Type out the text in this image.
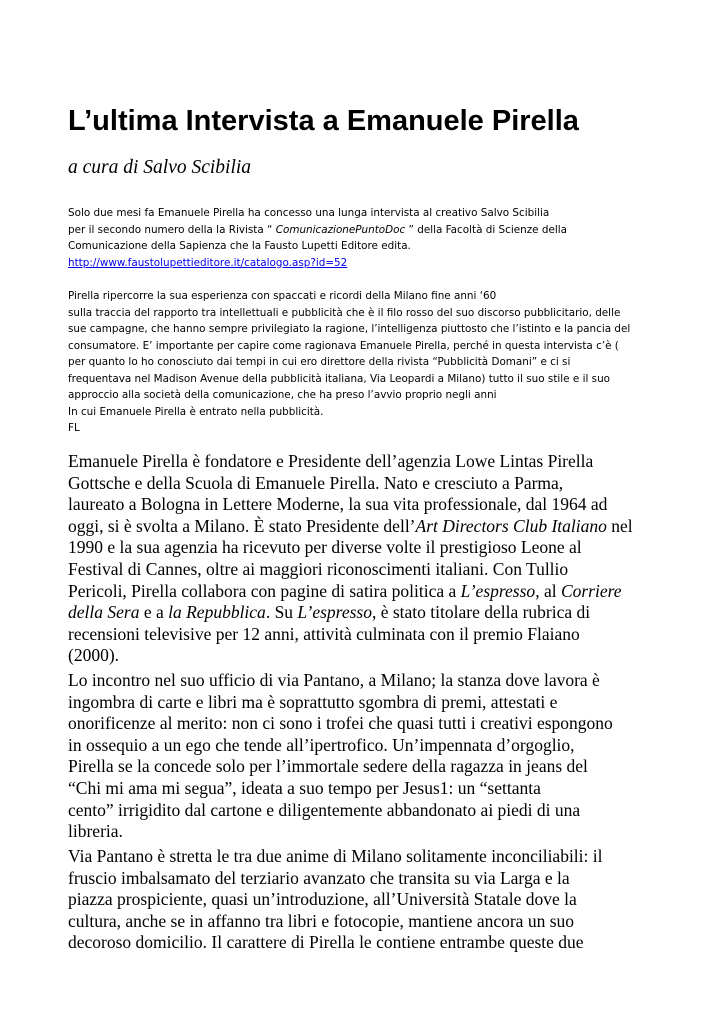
L’ultima Intervista a Emanuele Pirella
a cura di Salvo Scibilia
Solo due mesi fa Emanuele Pirella ha concesso una lunga intervista al creativo Salvo Scibilia
per il secondo numero della la Rivista “ ComunicazionePuntoDoc ” della Facoltà di Scienze della
Comunicazione della Sapienza che la Fausto Lupetti Editore edita.
http://www.faustolupettieditore.it/catalogo.asp?id=52
Pirella ripercorre la sua esperienza con spaccati e ricordi della Milano fine anni ‘60
sulla traccia del rapporto tra intellettuali e pubblicità che è il filo rosso del suo discorso pubblicitario, delle
sue campagne, che hanno sempre privilegiato la ragione, l’intelligenza piuttosto che l’istinto e la pancia del
consumatore. E’ importante per capire come ragionava Emanuele Pirella, perché in questa intervista c’è (
per quanto lo ho conosciuto dai tempi in cui ero direttore della rivista “Pubblicità Domani” e ci si
frequentava nel Madison Avenue della pubblicità italiana, Via Leopardi a Milano) tutto il suo stile e il suo
approccio alla società della comunicazione, che ha preso l’avvio proprio negli anni
In cui Emanuele Pirella è entrato nella pubblicità.
FL
Emanuele Pirella è fondatore e Presidente dell’agenzia Lowe Lintas Pirella
Gottsche e della Scuola di Emanuele Pirella. Nato e cresciuto a Parma,
laureato a Bologna in Lettere Moderne, la sua vita professionale, dal 1964 ad
oggi, si è svolta a Milano. È stato Presidente dell’Art Directors Club Italiano nel
1990 e la sua agenzia ha ricevuto per diverse volte il prestigioso Leone al
Festival di Cannes, oltre ai maggiori riconoscimenti italiani. Con Tullio
Pericoli, Pirella collabora con pagine di satira politica a L’espresso, al Corriere
della Sera e a la Repubblica. Su L’espresso, è stato titolare della rubrica di
recensioni televisive per 12 anni, attività culminata con il premio Flaiano
(2000).
Lo incontro nel suo ufficio di via Pantano, a Milano; la stanza dove lavora è
ingombra di carte e libri ma è soprattutto sgombra di premi, attestati e
onorificenze al merito: non ci sono i trofei che quasi tutti i creativi espongono
in ossequio a un ego che tende all’ipertrofico. Un’impennata d’orgoglio,
Pirella se la concede solo per l’immortale sedere della ragazza in jeans del
“Chi mi ama mi segua”, ideata a suo tempo per Jesus1: un “settanta
cento” irrigidito dal cartone e diligentemente abbandonato ai piedi di una
libreria.
Via Pantano è stretta le tra due anime di Milano solitamente inconciliabili: il
fruscio imbalsamato del terziario avanzato che transita su via Larga e la
piazza prospiciente, quasi un’introduzione, all’Università Statale dove la
cultura, anche se in affanno tra libri e fotocopie, mantiene ancora un suo
decoroso domicilio. Il carattere di Pirella le contiene entrambe queste due
